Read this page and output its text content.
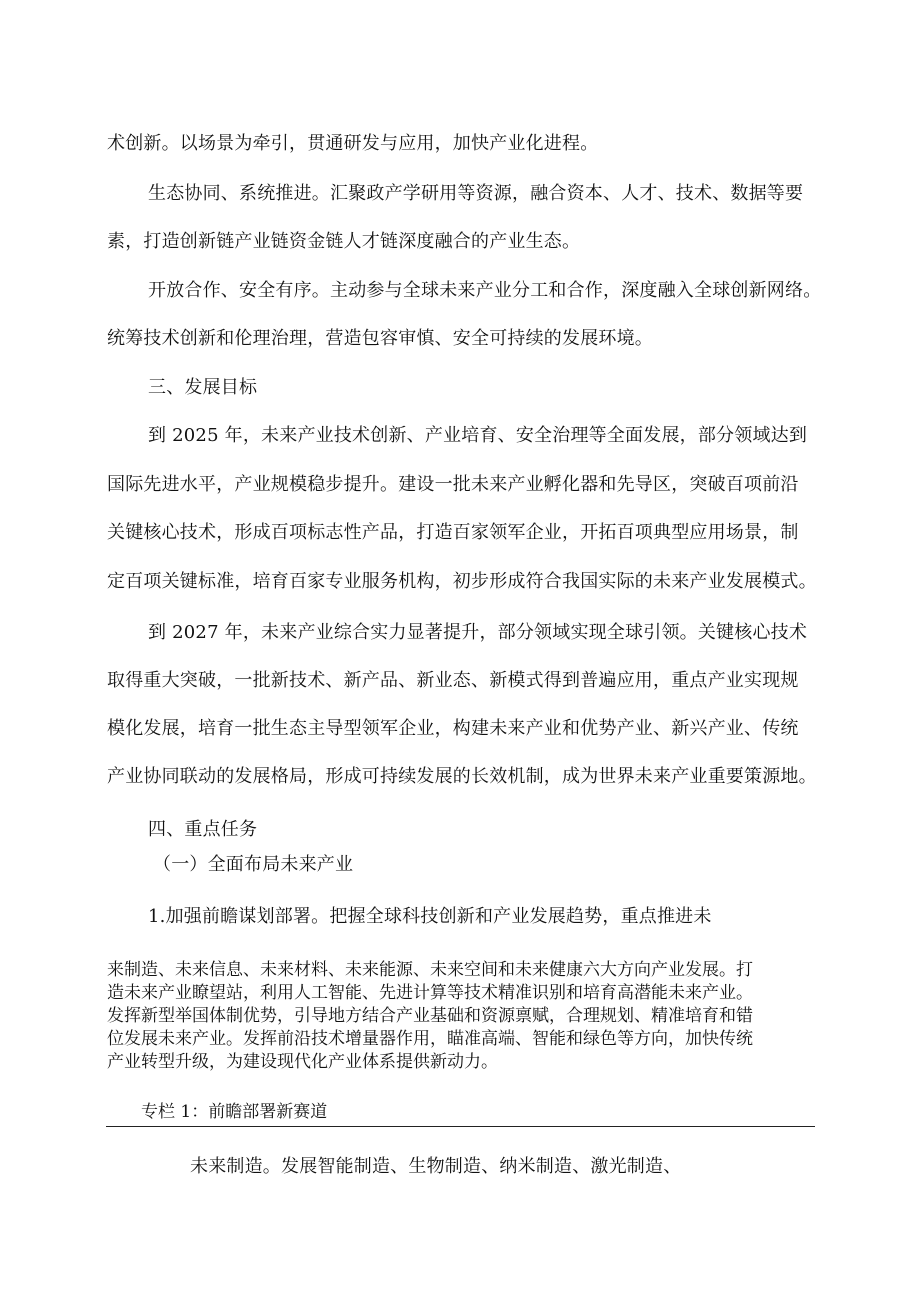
术创新。以场景为牵引，贯通研发与应用，加快产业化进程。

生态协同、系统推进。汇聚政产学研用等资源，融合资本、人才、技术、数据等要

素，打造创新链产业链资金链人才链深度融合的产业生态。

开放合作、安全有序。主动参与全球未来产业分工和合作，深度融入全球创新网络。

统筹技术创新和伦理治理，营造包容审慎、安全可持续的发展环境。

三、发展目标

到 2025 年，未来产业技术创新、产业培育、安全治理等全面发展，部分领域达到

国际先进水平，产业规模稳步提升。建设一批未来产业孵化器和先导区，突破百项前沿

关键核心技术，形成百项标志性产品，打造百家领军企业，开拓百项典型应用场景，制

定百项关键标准，培育百家专业服务机构，初步形成符合我国实际的未来产业发展模式。

到 2027 年，未来产业综合实力显著提升，部分领域实现全球引领。关键核心技术

取得重大突破，一批新技术、新产品、新业态、新模式得到普遍应用，重点产业实现规

模化发展，培育一批生态主导型领军企业，构建未来产业和优势产业、新兴产业、传统

产业协同联动的发展格局，形成可持续发展的长效机制，成为世界未来产业重要策源地。

四、重点任务

（一）全面布局未来产业

1.加强前瞻谋划部署。把握全球科技创新和产业发展趋势，重点推进未

来制造、未来信息、未来材料、未来能源、未来空间和未来健康六大方向产业发展。打

造未来产业瞭望站，利用人工智能、先进计算等技术精准识别和培育高潜能未来产业。

发挥新型举国体制优势，引导地方结合产业基础和资源禀赋，合理规划、精准培育和错

位发展未来产业。发挥前沿技术增量器作用，瞄准高端、智能和绿色等方向，加快传统

产业转型升级，为建设现代化产业体系提供新动力。

专栏 1：前瞻部署新赛道

未来制造。发展智能制造、生物制造、纳米制造、激光制造、
